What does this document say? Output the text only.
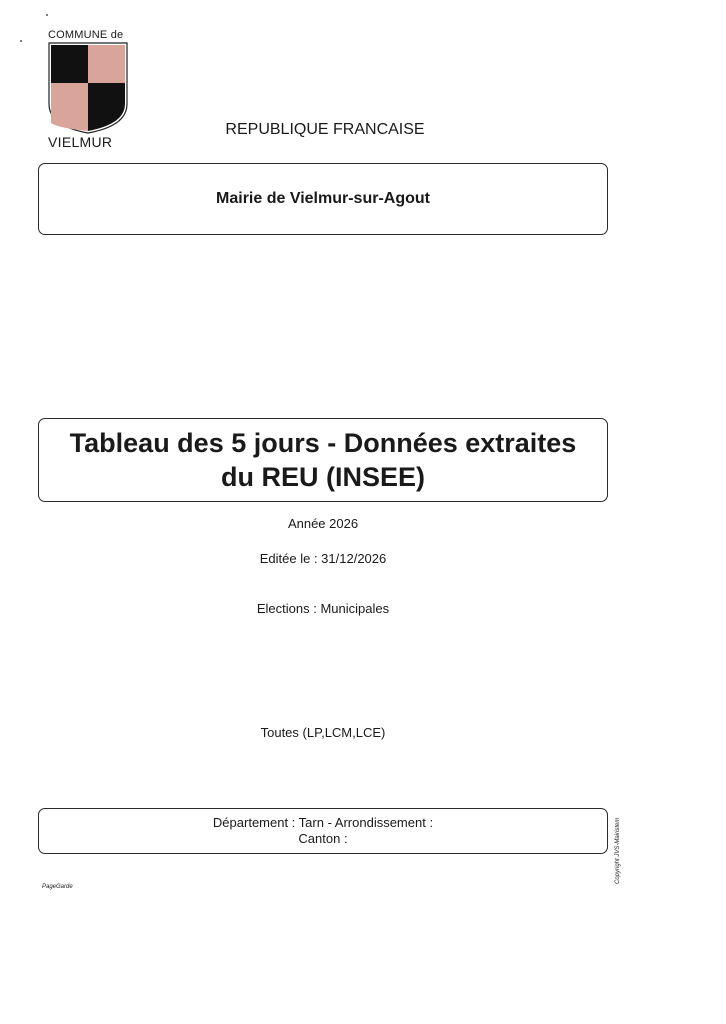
COMMUNE de
VIELMUR
REPUBLIQUE FRANCAISE
Mairie de Vielmur-sur-Agout
Tableau des 5 jours - Données extraites
du REU (INSEE)
Année 2026
Editée le : 31/12/2026
Elections : Municipales
Toutes (LP,LCM,LCE)
Département : Tarn - Arrondissement :
Canton :
PageGarde
Copyright JVS-Mairistem
